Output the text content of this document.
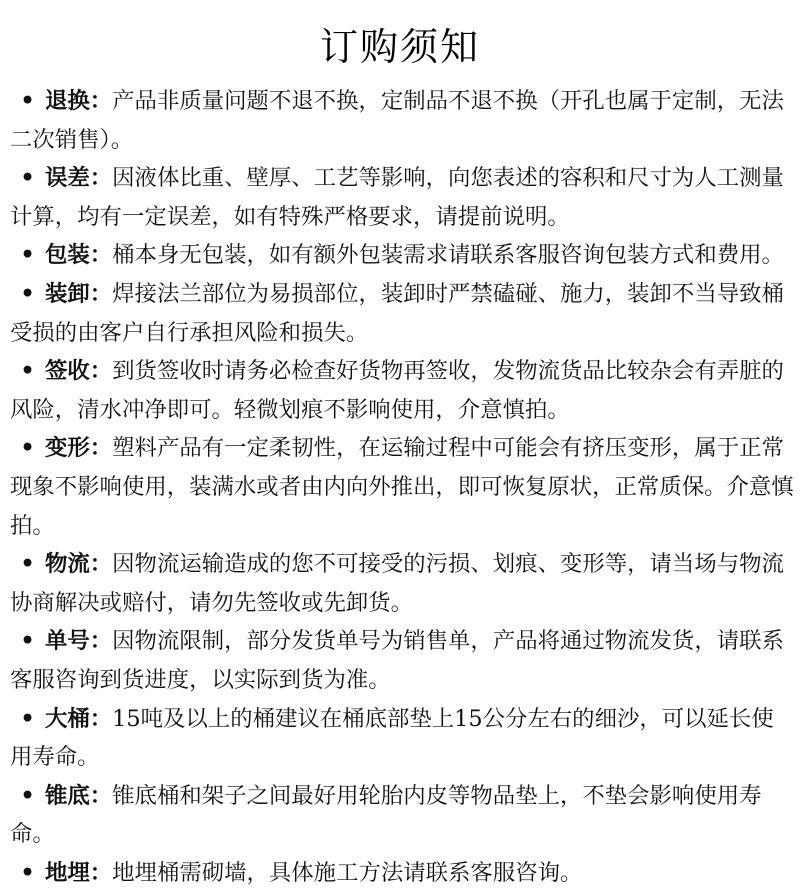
订购须知

• 退换：产品非质量问题不退不换，定制品不退不换（开孔也属于定制，无法二次销售）。

• 误差：因液体比重、壁厚、工艺等影响，向您表述的容积和尺寸为人工测量计算，均有一定误差，如有特殊严格要求，请提前说明。

• 包装：桶本身无包装，如有额外包装需求请联系客服咨询包装方式和费用。

• 装卸：焊接法兰部位为易损部位，装卸时严禁磕碰、施力，装卸不当导致桶受损的由客户自行承担风险和损失。

• 签收：到货签收时请务必检查好货物再签收，发物流货品比较杂会有弄脏的风险，清水冲净即可。轻微划痕不影响使用，介意慎拍。

• 变形：塑料产品有一定柔韧性，在运输过程中可能会有挤压变形，属于正常现象不影响使用，装满水或者由内向外推出，即可恢复原状，正常质保。介意慎拍。

• 物流：因物流运输造成的您不可接受的污损、划痕、变形等，请当场与物流协商解决或赔付，请勿先签收或先卸货。

• 单号：因物流限制，部分发货单号为销售单，产品将通过物流发货，请联系客服咨询到货进度，以实际到货为准。

• 大桶：15吨及以上的桶建议在桶底部垫上15公分左右的细沙，可以延长使用寿命。

• 锥底：锥底桶和架子之间最好用轮胎内皮等物品垫上，不垫会影响使用寿命。

• 地埋：地埋桶需砌墙，具体施工方法请联系客服咨询。
